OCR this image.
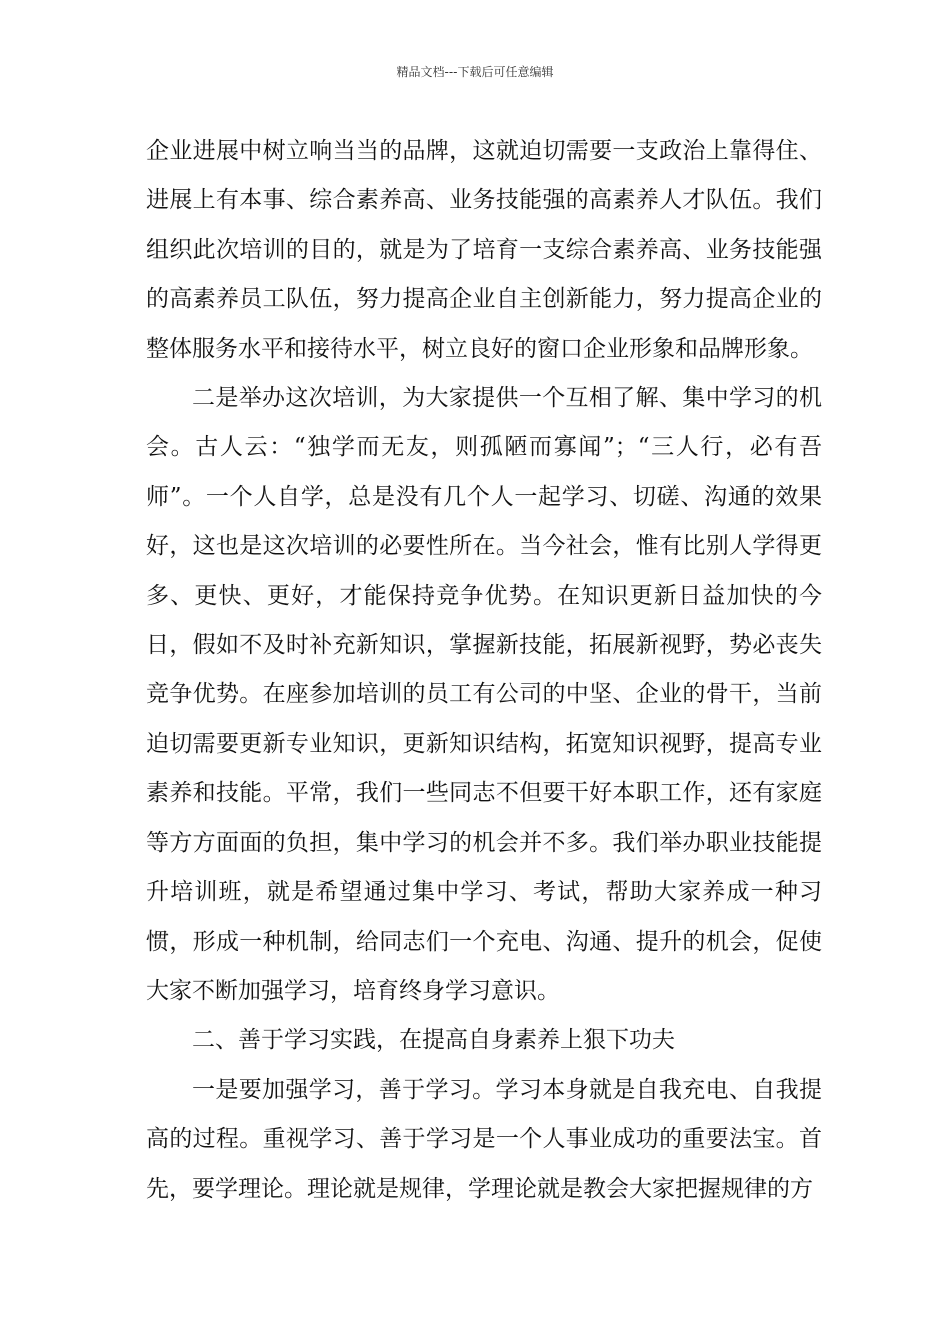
精品文档---下载后可任意编辑

企业进展中树立响当当的品牌，这就迫切需要一支政治上靠得住、进展上有本事、综合素养高、业务技能强的高素养人才队伍。我们组织此次培训的目的，就是为了培育一支综合素养高、业务技能强的高素养员工队伍，努力提高企业自主创新能力，努力提高企业的整体服务水平和接待水平，树立良好的窗口企业形象和品牌形象。

二是举办这次培训，为大家提供一个互相了解、集中学习的机会。古人云：“独学而无友，则孤陋而寡闻”；“三人行，必有吾师”。一个人自学，总是没有几个人一起学习、切磋、沟通的效果好，这也是这次培训的必要性所在。当今社会，惟有比别人学得更多、更快、更好，才能保持竞争优势。在知识更新日益加快的今日，假如不及时补充新知识，掌握新技能，拓展新视野，势必丧失竞争优势。在座参加培训的员工有公司的中坚、企业的骨干，当前迫切需要更新专业知识，更新知识结构，拓宽知识视野，提高专业素养和技能。平常，我们一些同志不但要干好本职工作，还有家庭等方方面面的负担，集中学习的机会并不多。我们举办职业技能提升培训班，就是希望通过集中学习、考试，帮助大家养成一种习惯，形成一种机制，给同志们一个充电、沟通、提升的机会，促使大家不断加强学习，培育终身学习意识。

二、善于学习实践，在提高自身素养上狠下功夫

一是要加强学习，善于学习。学习本身就是自我充电、自我提高的过程。重视学习、善于学习是一个人事业成功的重要法宝。首先，要学理论。理论就是规律，学理论就是教会大家把握规律的方
